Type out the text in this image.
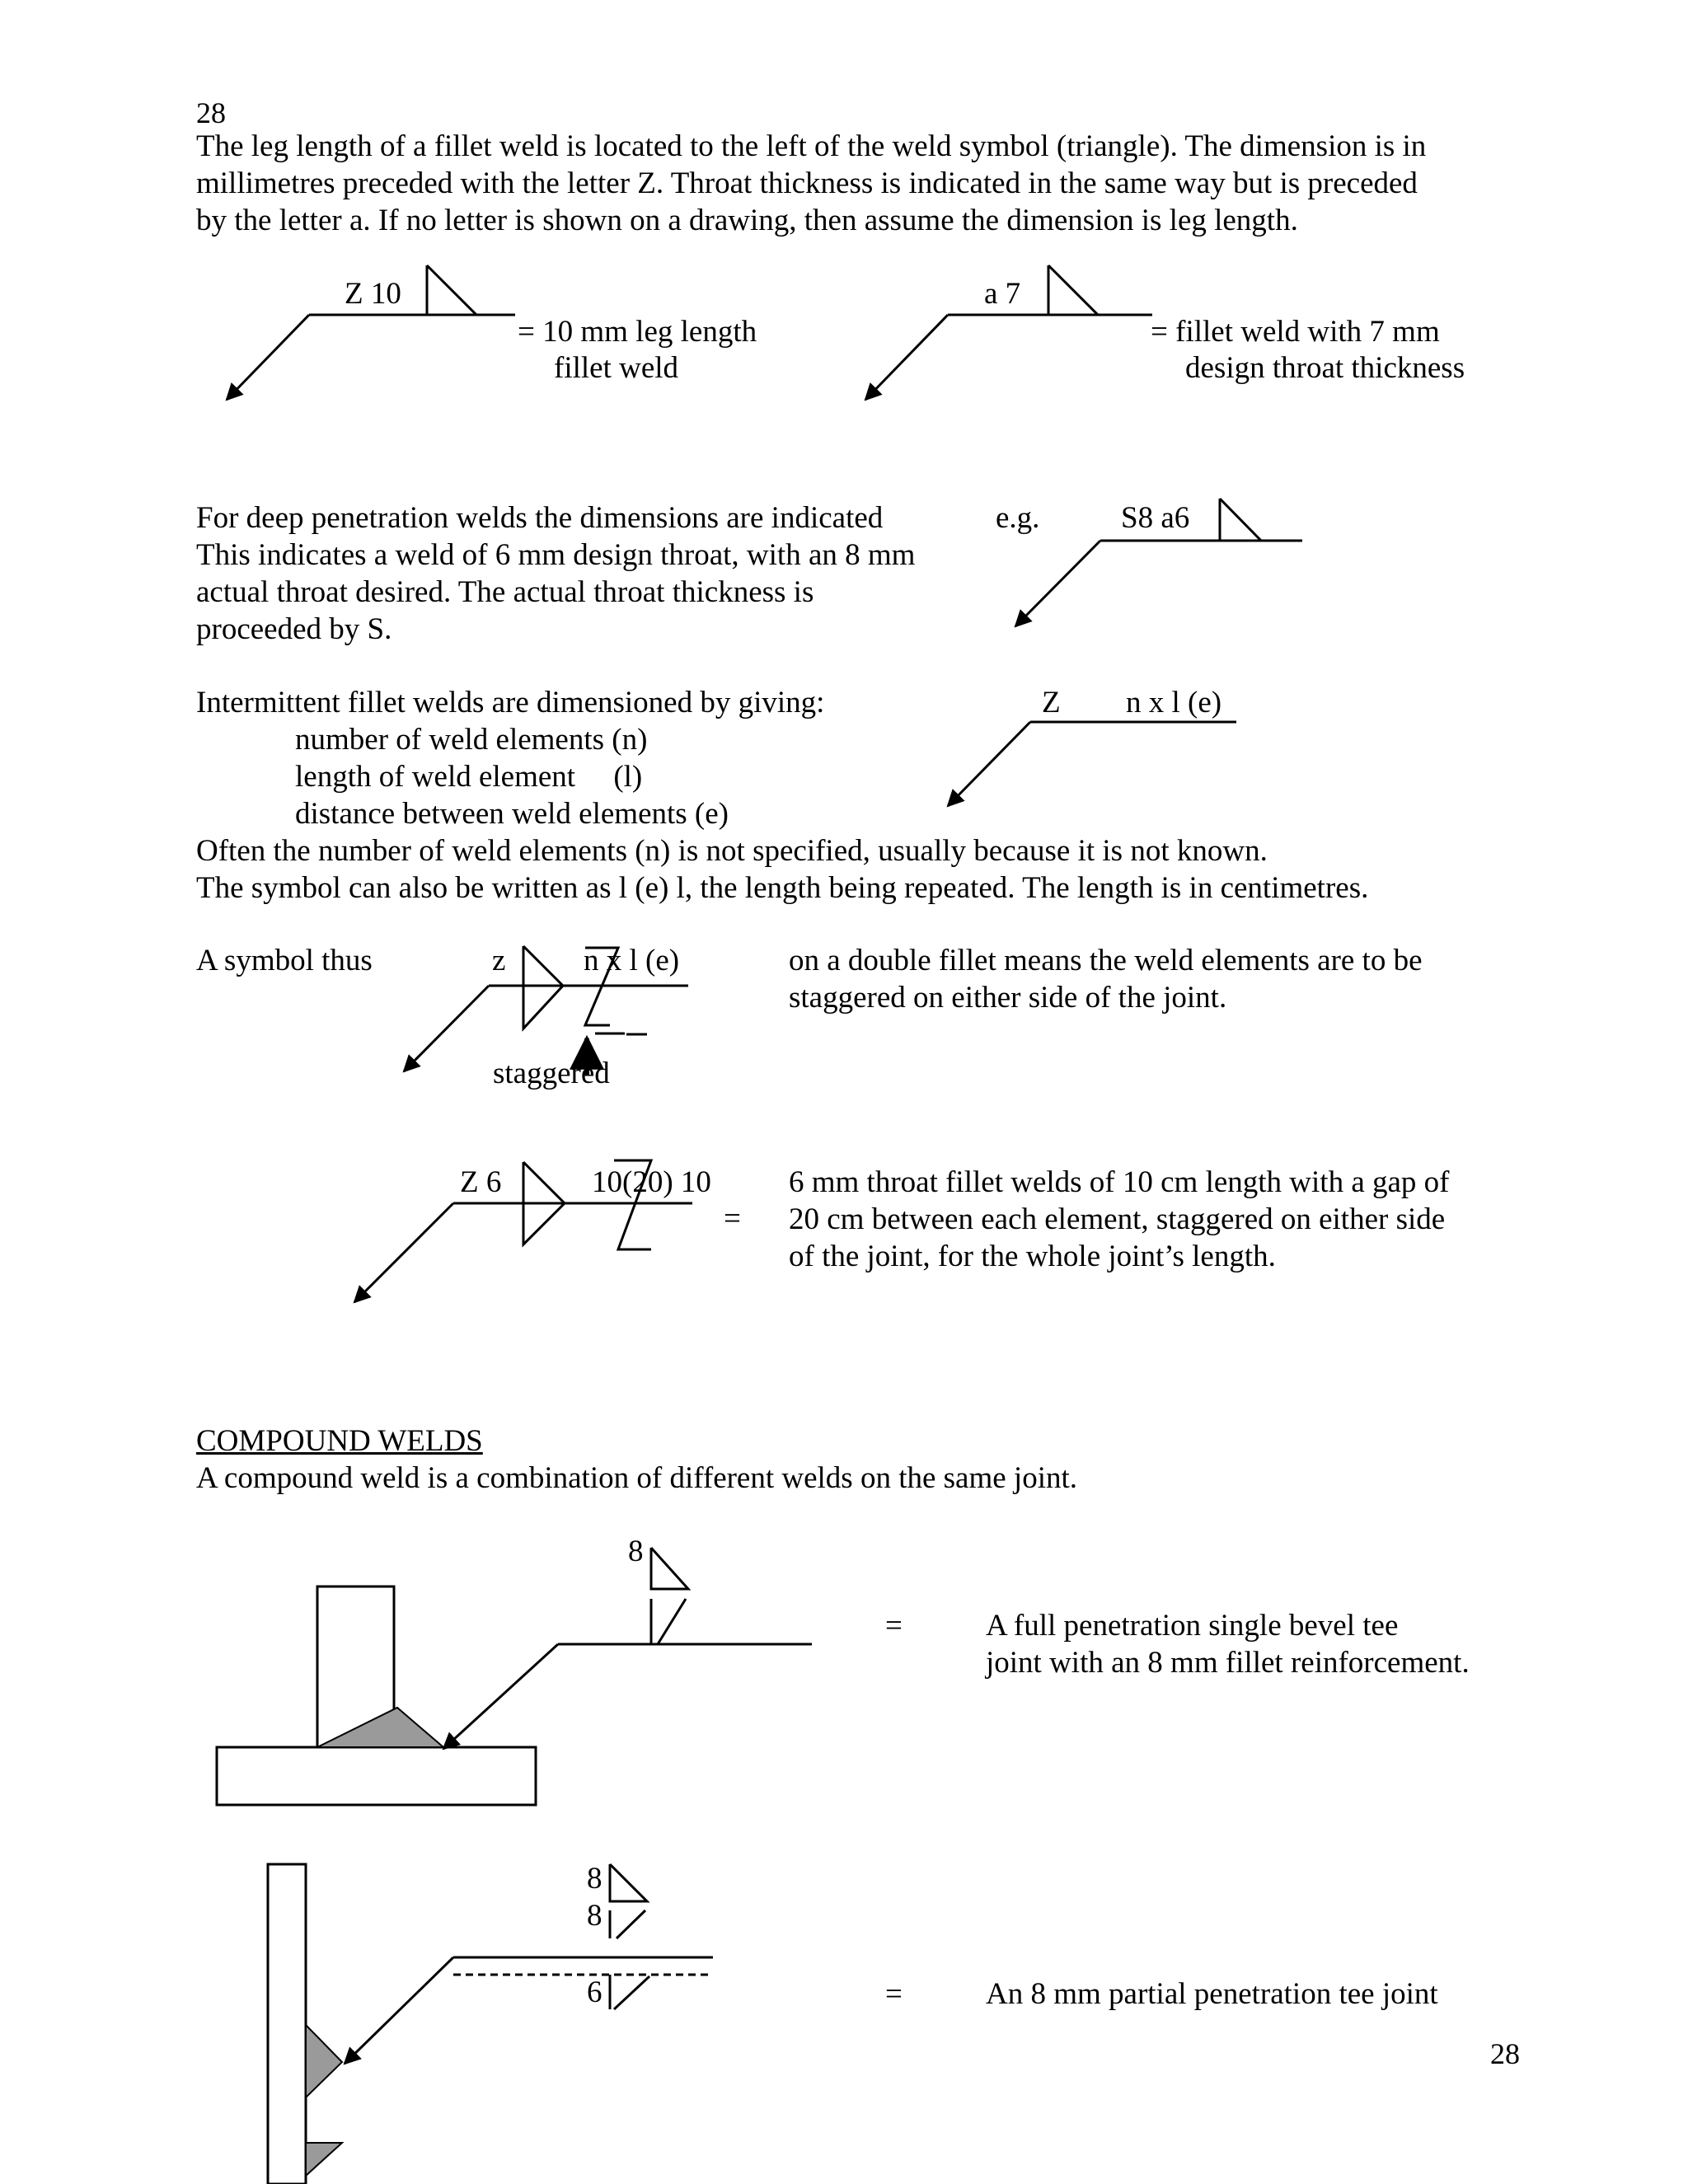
28
The leg length of a fillet weld is located to the left of the weld symbol (triangle). The dimension is in
millimetres preceded with the letter Z. Throat thickness is indicated in the same way but is preceded
by the letter a. If no letter is shown on a drawing, then assume the dimension is leg length.
Z 10
= 10 mm leg length
fillet weld
a 7
= fillet weld with 7 mm
design throat thickness
For deep penetration welds the dimensions are indicated
This indicates a weld of 6 mm design throat, with an 8 mm
actual throat desired. The actual throat thickness is
proceeded by S.
e.g.	S8 a6
Intermittent fillet welds are dimensioned by giving:
number of weld elements (n)
length of weld element     (l)
distance between weld elements (e)
Often the number of weld elements (n) is not specified, usually because it is not known.
The symbol can also be written as l (e) l, the length being repeated. The length is in centimetres.
Z n x l (e)
A symbol thus	z	n x l (e)
staggered
on a double fillet means the weld elements are to be
staggered on either side of the joint.
Z 6	10(20) 10
=
6 mm throat fillet welds of 10 cm length with a gap of
20 cm between each element, staggered on either side
of the joint, for the whole joint’s length.
COMPOUND WELDS
A compound weld is a combination of different welds on the same joint.
8
=	A full penetration single bevel tee
joint with an 8 mm fillet reinforcement.
8
8
6	=	An 8 mm partial penetration tee joint
28
